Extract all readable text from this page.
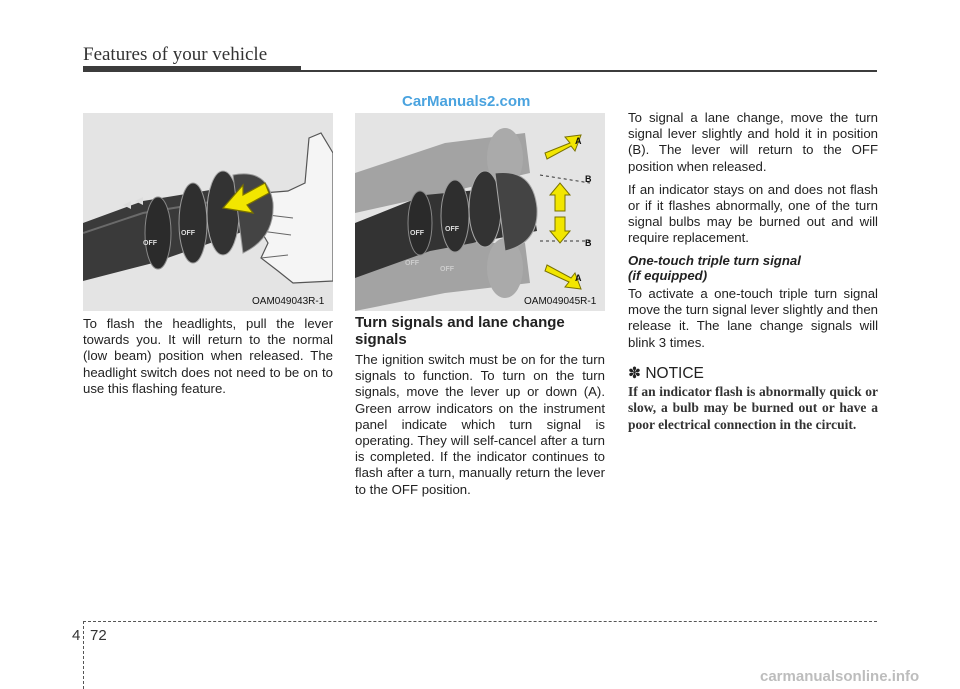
Features of your vehicle
CarManuals2.com
OFF
OFF
OAM049043R-1
OFF
OFF
OFF
OFF
A
B
B
A
OAM049045R-1

To flash the headlights, pull the lever towards you. It will return to the normal (low beam) position when released. The headlight switch does not need to be on to use this flashing feature.

Turn signals and lane change signals

The ignition switch must be on for the turn signals to function. To turn on the turn signals, move the lever up or down (A). Green arrow indicators on the instrument panel indicate which turn signal is operating. They will self-cancel after a turn is completed. If the indicator continues to flash after a turn, manually return the lever to the OFF position.

To signal a lane change, move the turn signal lever slightly and hold it in position (B). The lever will return to the OFF position when released.

If an indicator stays on and does not flash or if it flashes abnormally, one of the turn signal bulbs may be burned out and will require replacement.

One-touch triple turn signal
(if equipped)

To activate a one-touch triple turn signal move the turn signal lever slightly and then release it. The lane change signals will blink 3 times.

✽ NOTICE
If an indicator flash is abnormally quick or slow, a bulb may be burned out or have a poor electrical connection in the circuit.
4 72
carmanualsonline.info
